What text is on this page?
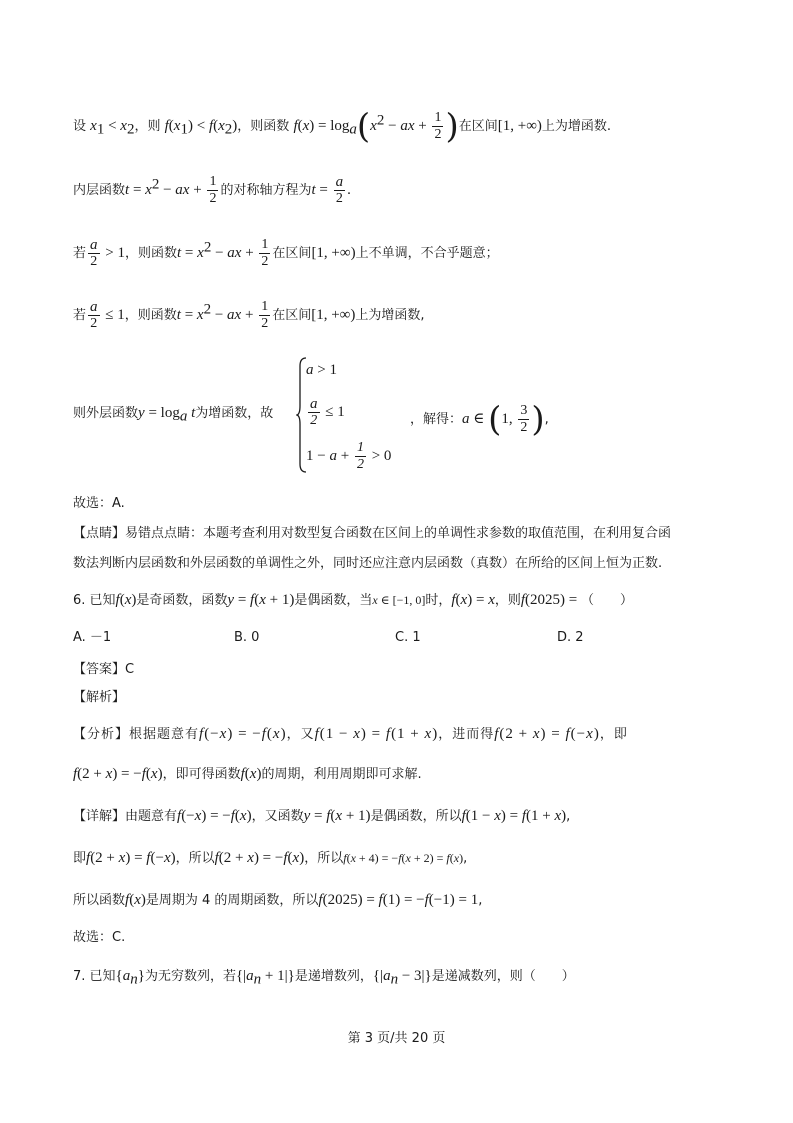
设 $x_1 < x_2$，则 $f(x_1) < f(x_2)$，则函数 $f(x) = \log_a(x^2$ − ax + $\frac{1}{2}$ )在区间[1, +∞)上为增函数.
内层函数$t = x^2$ − ax + $\frac{1}{2}$ 的对称轴方程为$t = \frac{a}{2}$ .
若 $\frac{a}{2} > 1$，则函数$t = x^2$ − ax + $\frac{1}{2}$ 在区间[1, +∞)上不单调，不合乎题意；
若 $\frac{a}{2} \le 1$，则函数$t = x^2$ − ax + $\frac{1}{2}$ 在区间[1, +∞)上为增函数,
则外层函数$y = \log_a t$为增函数，故
a > 1
$\frac{a}{2} \le 1$
$1 - a + \frac{1}{2} > 0$
，解得：a ∈ (1, $\frac{3}{2}$ ),
故选：A.
【点睛】易错点点睛：本题考查利用对数型复合函数在区间上的单调性求参数的取值范围，在利用复合函
数法判断内层函数和外层函数的单调性之外，同时还应注意内层函数（真数）在所给的区间上恒为正数.
6. 已知f(x)是奇函数，函数y = f(x + 1)是偶函数，当x ∈ [−1, 0]时，f(x) = x，则f(2025) = （　　）
A. －1	B. 0	C. 1	D. 2
【答案】C
【解析】
【分析】根据题意有f(−x) = −f(x)，又f(1 − x) = f(1 + x)，进而得f(2 + x) = f(−x)，即
f(2 + x) = −f(x)，即可得函数f(x)的周期，利用周期即可求解.
【详解】由题意有f(−x) = −f(x)，又函数y = f(x + 1)是偶函数，所以f(1 − x) = f(1 + x),
即f(2 + x) = f(−x)，所以f(2 + x) = −f(x)，所以f(x + 4) = −f(x + 2) = f(x),
所以函数f(x)是周期为 4 的周期函数，所以f(2025) = f(1) = −f(−1) = 1,
故选：C.
7. 已知$\{a_n\}$为无穷数列，若$\{|a_n + 1|\}$是递增数列，$\{|a_n - 3|\}$是递减数列，则（　　）
第 3 页/共 20 页
